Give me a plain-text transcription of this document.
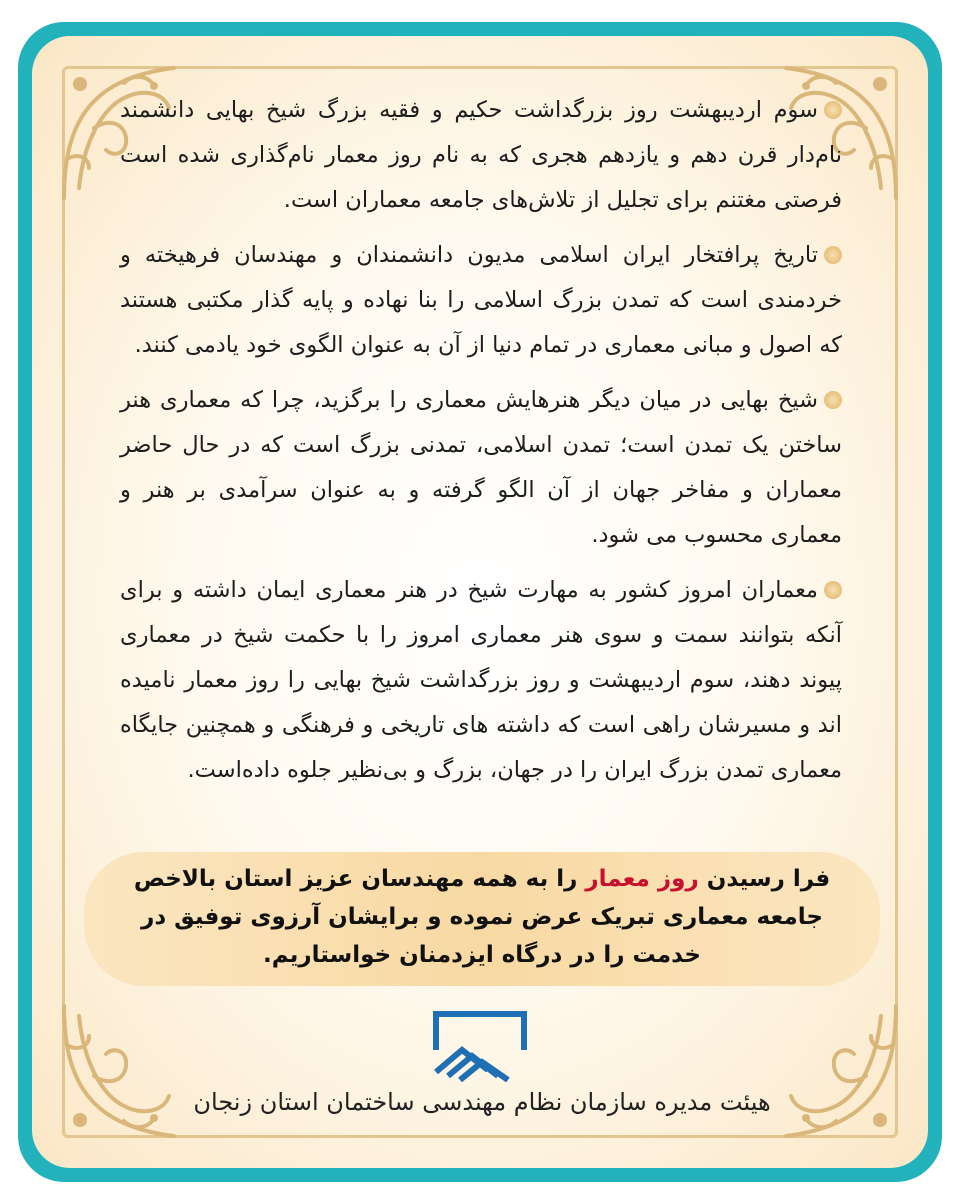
سوم اردیبهشت روز بزرگداشت حکیم و فقیه بزرگ شیخ بهایی دانشمند نام‌دار قرن دهم و یازدهم هجری که به نام روز معمار نام‌گذاری شده است فرصتی مغتنم برای تجلیل از تلاش‌های جامعه معماران است.

تاریخ پرافتخار ایران اسلامی مدیون دانشمندان و مهندسان فرهیخته و خردمندی است که تمدن بزرگ اسلامی را بنا نهاده و پایه گذار مکتبی هستند که اصول و مبانی معماری در تمام دنیا از آن به عنوان الگوی خود یادمی کنند.

شیخ بهایی در میان دیگر هنرهایش معماری را برگزید، چرا که معماری هنر ساختن یک تمدن است؛ تمدن اسلامی، تمدنی بزرگ است که در حال حاضر معماران و مفاخر جهان از آن الگو گرفته و به عنوان سرآمدی بر هنر و معماری محسوب می شود.

معماران امروز کشور به مهارت شیخ در هنر معماری ایمان داشته و برای آنکه بتوانند سمت و سوی هنر معماری امروز را با حکمت شیخ در معماری پیوند دهند، سوم اردیبهشت و روز بزرگداشت شیخ بهایی را روز معمار نامیده اند و مسیرشان راهی است که داشته های تاریخی و فرهنگی و همچنین جایگاه معماری تمدن بزرگ ایران را در جهان، بزرگ و بی‌نظیر جلوه داده‌است.

فرا رسیدن روز معمار را به همه مهندسان عزیز استان بالاخص جامعه معماری تبریک عرض نموده و برایشان آرزوی توفیق در خدمت را در درگاه ایزدمنان خواستاریم.
هیئت مدیره سازمان نظام مهندسی ساختمان استان زنجان
